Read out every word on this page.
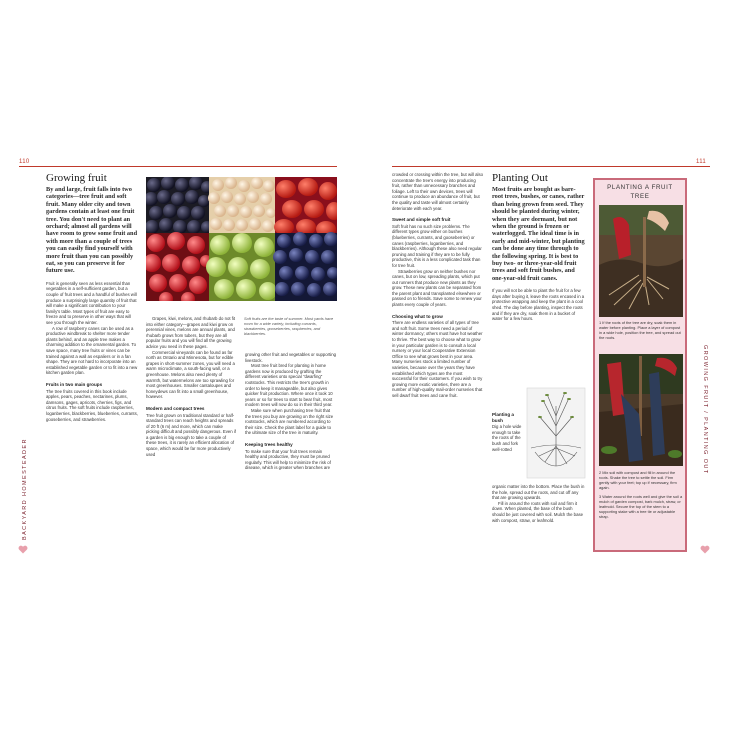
110
BACKYARD HOMESTEADER
Growing fruit
By and large, fruit falls into two categories—tree fruit and soft fruit. Many older city and town gardens contain at least one fruit tree. You don't need to plant an orchard; almost all gardens will have room to grow some fruit and with more than a couple of trees you can easily find yourself with more fruit than you can possibly eat, so you can preserve it for future use.

Fruit is generally seen as less essential than vegetables in a self-sufficient garden, but a couple of fruit trees and a handful of bushes will produce a surprisingly large quantity of fruit that will make a significant contribution to your family's table. Most types of fruit are easy to freeze and to preserve in other ways that will see you through the winter.

A row of raspberry canes can be used as a productive windbreak to shelter more tender plants behind, and an apple tree makes a charming addition to the ornamental garden. To save space, many tree fruits or vines can be trained against a wall as espaliers or in a fan shape. They are not hard to incorporate into an established vegetable garden or to fit into a new kitchen garden plan.

Fruits in two main groups

The tree fruits covered in this book include apples, pears, peaches, nectarines, plums, damsons, gages, apricots, cherries, figs, and citrus fruits. The soft fruits include raspberries, loganberries, blackberries, blueberries, currants, gooseberries, and strawberries.

Soft fruits are the taste of summer. Most yards have room for a wide variety, including currants, strawberries, gooseberries, raspberries, and blackberries.

Grapes, kiwi, melons, and rhubarb do not fit into either category—grapes and kiwi grow on perennial vines, melons are annual plants, and rhubarb grows from tubers, but they are all popular fruits and you will find all the growing advice you need in these pages.

Commercial vineyards can be found as far north as Ontario and Minnesota, but for edible grapes in short-summer zones, you will need a warm microclimate, a south-facing wall, or a greenhouse. Melons also need plenty of warmth, but watermelons are too sprawling for most greenhouses. Smaller cantaloupes and honeydews can fit into a small greenhouse, however.

Modern and compact trees

Tree fruit grown on traditional standard or half-standard trees can reach heights and spreads of 20 ft (6 m) and more, which can make picking difficult and possibly dangerous. Even if a garden is big enough to take a couple of these trees, it is rarely an efficient allocation of space, which would be far more productively used

growing other fruit and vegetables or supporting livestock.

Most tree fruit bred for planting in home gardens now is produced by grafting the different varieties onto special "dwarfing" rootstocks. This restricts the tree's growth in order to keep it manageable, but also gives quicker fruit production. Where once it took 10 years or so for trees to start to bear fruit, most modern trees will now do so in their third year.

Make sure when purchasing tree fruit that the trees you buy are growing on the right size rootstocks, which are numbered according to their size. Check the plant label for a guide to the ultimate size of the tree in maturity.

Keeping trees healthy

To make sure that your fruit trees remain healthy and productive, they must be pruned regularly. This will help to minimize the risk of disease, which is greater when branches are

111
GROWING FRUIT / PLANTING OUT

crowded or crossing within the tree, but will also concentrate the tree's energy into producing fruit, rather than unnecessary branches and foliage. Left to their own devices, trees will continue to produce an abundance of fruit, but the quality and taste will almost certainly deteriorate with each year.

Sweet and simple soft fruit

Soft fruit has no such size problems. The different types grow either on bushes (blueberries, currants, and gooseberries) or canes (raspberries, loganberries, and blackberries). Although these also need regular pruning and training if they are to be fully productive, this is a less complicated task than for tree fruit.

Strawberries grow on neither bushes nor canes, but on low, spreading plants, which put out runners that produce new plants as they grow. These new plants can be separated from the parent plant and transplanted elsewhere or passed on to friends. Save some to renew your plants every couple of years.

Choosing what to grow

There are endless varieties of all types of tree and soft fruit. Some trees need a period of winter dormancy; others must have hot weather to thrive. The best way to choose what to grow in your particular garden is to consult a local nursery or your local Cooperative Extension Office to see what grows best in your area. Many nurseries stock a limited number of varieties, because over the years they have established which types are the most successful for their customers. If you wish to try growing more exotic varieties, there are a number of high-quality mail-order nurseries that sell dwarf fruit trees and cane fruit.

Planting Out
Most fruits are bought as bare-root trees, bushes, or canes, rather than being grown from seed. They should be planted during winter, when they are dormant, but not when the ground is frozen or waterlogged. The ideal time is in early and mid-winter, but planting can be done any time through to the following spring. It is best to buy two- or three-year-old fruit trees and soft fruit bushes, and one-year-old fruit canes.

If you will not be able to plant the fruit for a few days after buying it, leave the roots encased in a protective wrapping and keep the plant in a cool shed. The day before planting, inspect the roots and if they are dry, soak them in a bucket of water for a few hours.

Planting a bush

Dig a hole wide enough to take the roots of the bush and fork well-rotted

organic matter into the bottom. Place the bush in the hole, spread out the roots, and cut off any that are growing upwards.

Fill in around the roots with soil and firm it down. When planted, the base of the bush should be just covered with soil. Mulch the base with compost, straw, or leafmold.

PLANTING A FRUIT TREE
1 If the roots of the tree are dry, soak them in water before planting. Place a layer of compost in a wide hole, position the tree, and spread out the roots.
2 Mix soil with compost and fill in around the roots. Shake the tree to settle the soil. Firm gently with your feet; top up if necessary, firm again.
3 Water around the roots well and give the soil a mulch of garden compost, bark mulch, straw, or leafmold. Secure the top of the stem to a supporting stake with a tree tie or adjustable strap.
